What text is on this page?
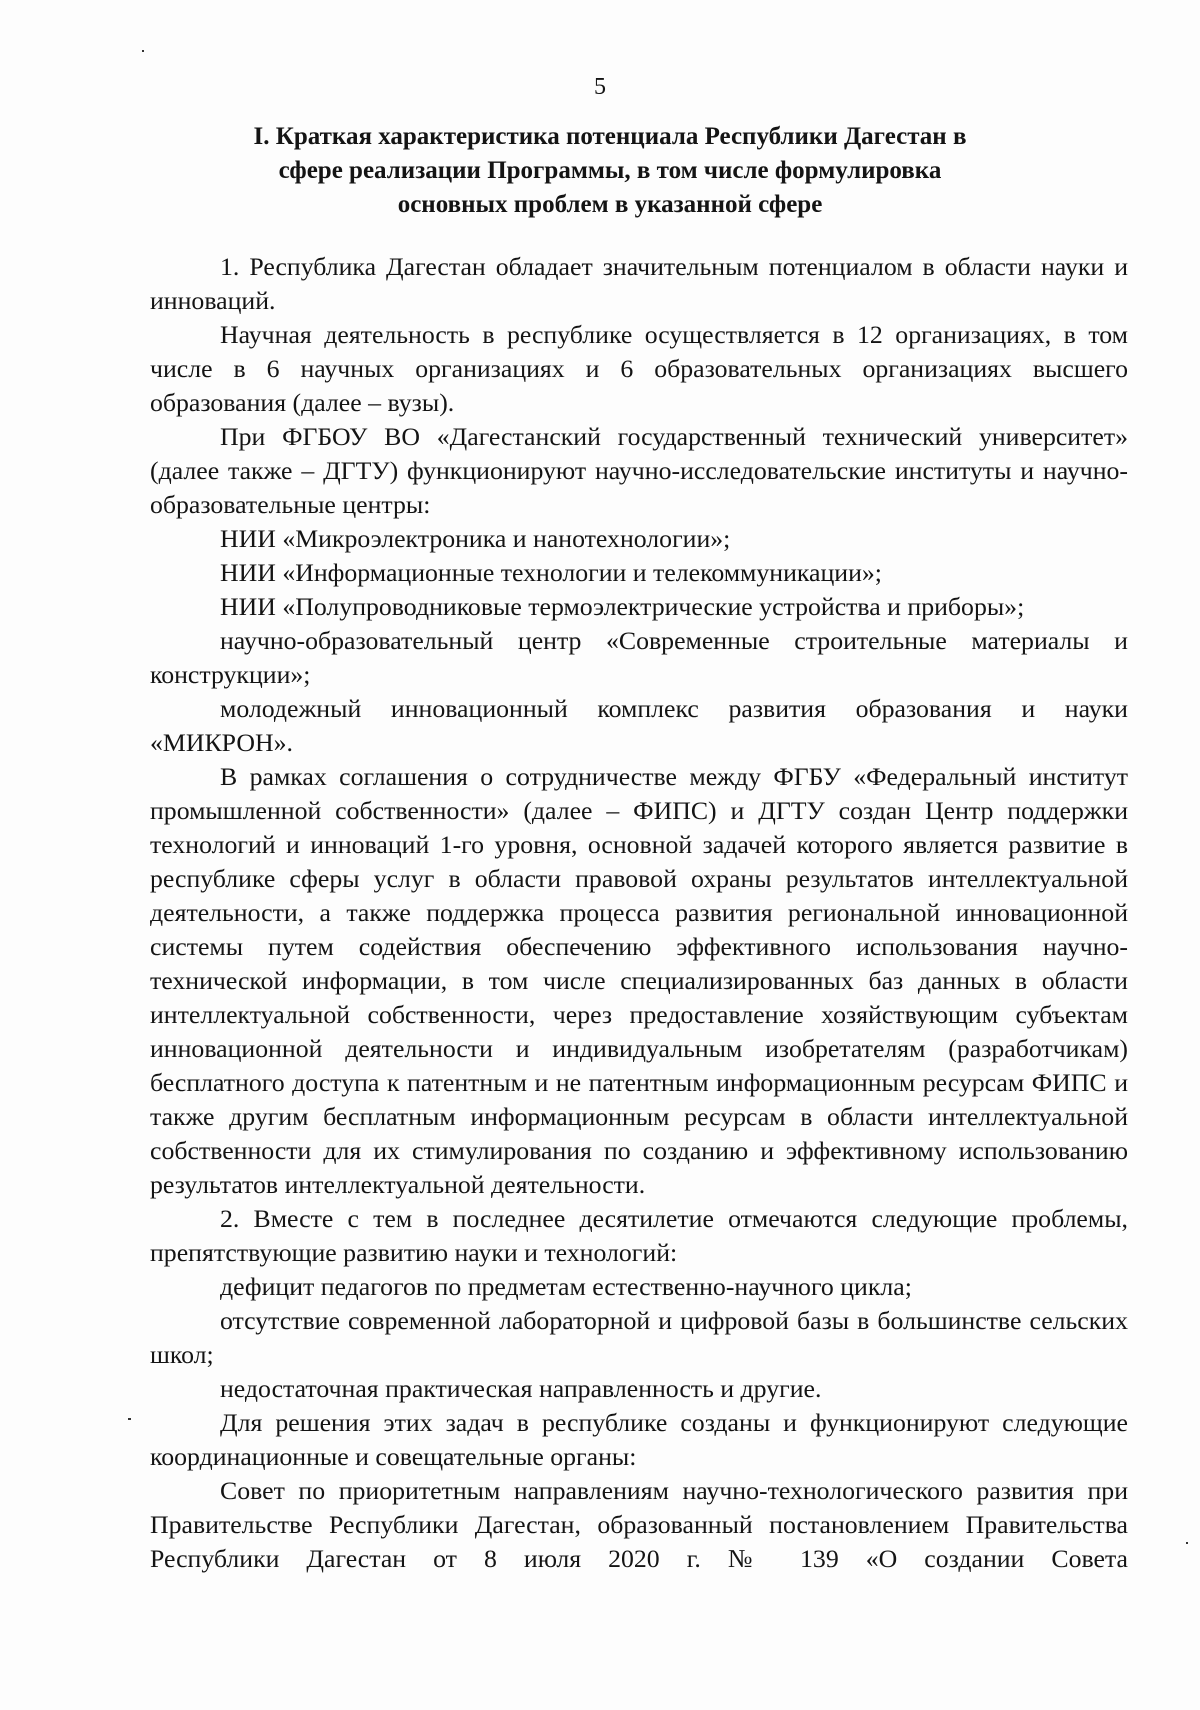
5
I. Краткая характеристика потенциала Республики Дагестан в
сфере реализации Программы, в том числе формулировка
основных проблем в указанной сфере

1. Республика Дагестан обладает значительным потенциалом в области науки и инноваций.

Научная деятельность в республике осуществляется в 12 организациях, в том числе в 6 научных организациях и 6 образовательных организациях высшего образования (далее – вузы).

При ФГБОУ ВО «Дагестанский государственный технический университет» (далее также – ДГТУ) функционируют научно-исследовательские институты и научно-образовательные центры:

НИИ «Микроэлектроника и нанотехнологии»;

НИИ «Информационные технологии и телекоммуникации»;

НИИ «Полупроводниковые термоэлектрические устройства и приборы»;

научно-образовательный центр «Современные строительные материалы и конструкции»;

молодежный инновационный комплекс развития образования и науки «МИКРОН».

В рамках соглашения о сотрудничестве между ФГБУ «Федеральный институт промышленной собственности» (далее – ФИПС) и ДГТУ создан Центр поддержки технологий и инноваций 1-го уровня, основной задачей которого является развитие в республике сферы услуг в области правовой охраны результатов интеллектуальной деятельности, а также поддержка процесса развития региональной инновационной системы путем содействия обеспечению эффективного использования научно-технической информации, в том числе специализированных баз данных в области интеллектуальной собственности, через предоставление хозяйствующим субъектам инновационной деятельности и индивидуальным изобретателям (разработчикам) бесплатного доступа к патентным и не патентным информационным ресурсам ФИПС и также другим бесплатным информационным ресурсам в области интеллектуальной собственности для их стимулирования по созданию и эффективному использованию результатов интеллектуальной деятельности.

2. Вместе с тем в последнее десятилетие отмечаются следующие проблемы, препятствующие развитию науки и технологий:

дефицит педагогов по предметам естественно-научного цикла;

отсутствие современной лабораторной и цифровой базы в большинстве сельских школ;

недостаточная практическая направленность и другие.

Для решения этих задач в республике созданы и функционируют следующие координационные и совещательные органы:

Совет по приоритетным направлениям научно-технологического развития при Правительстве Республики Дагестан, образованный постановлением Правительства Республики Дагестан от 8 июля 2020 г. № 139 «О создании Совета
